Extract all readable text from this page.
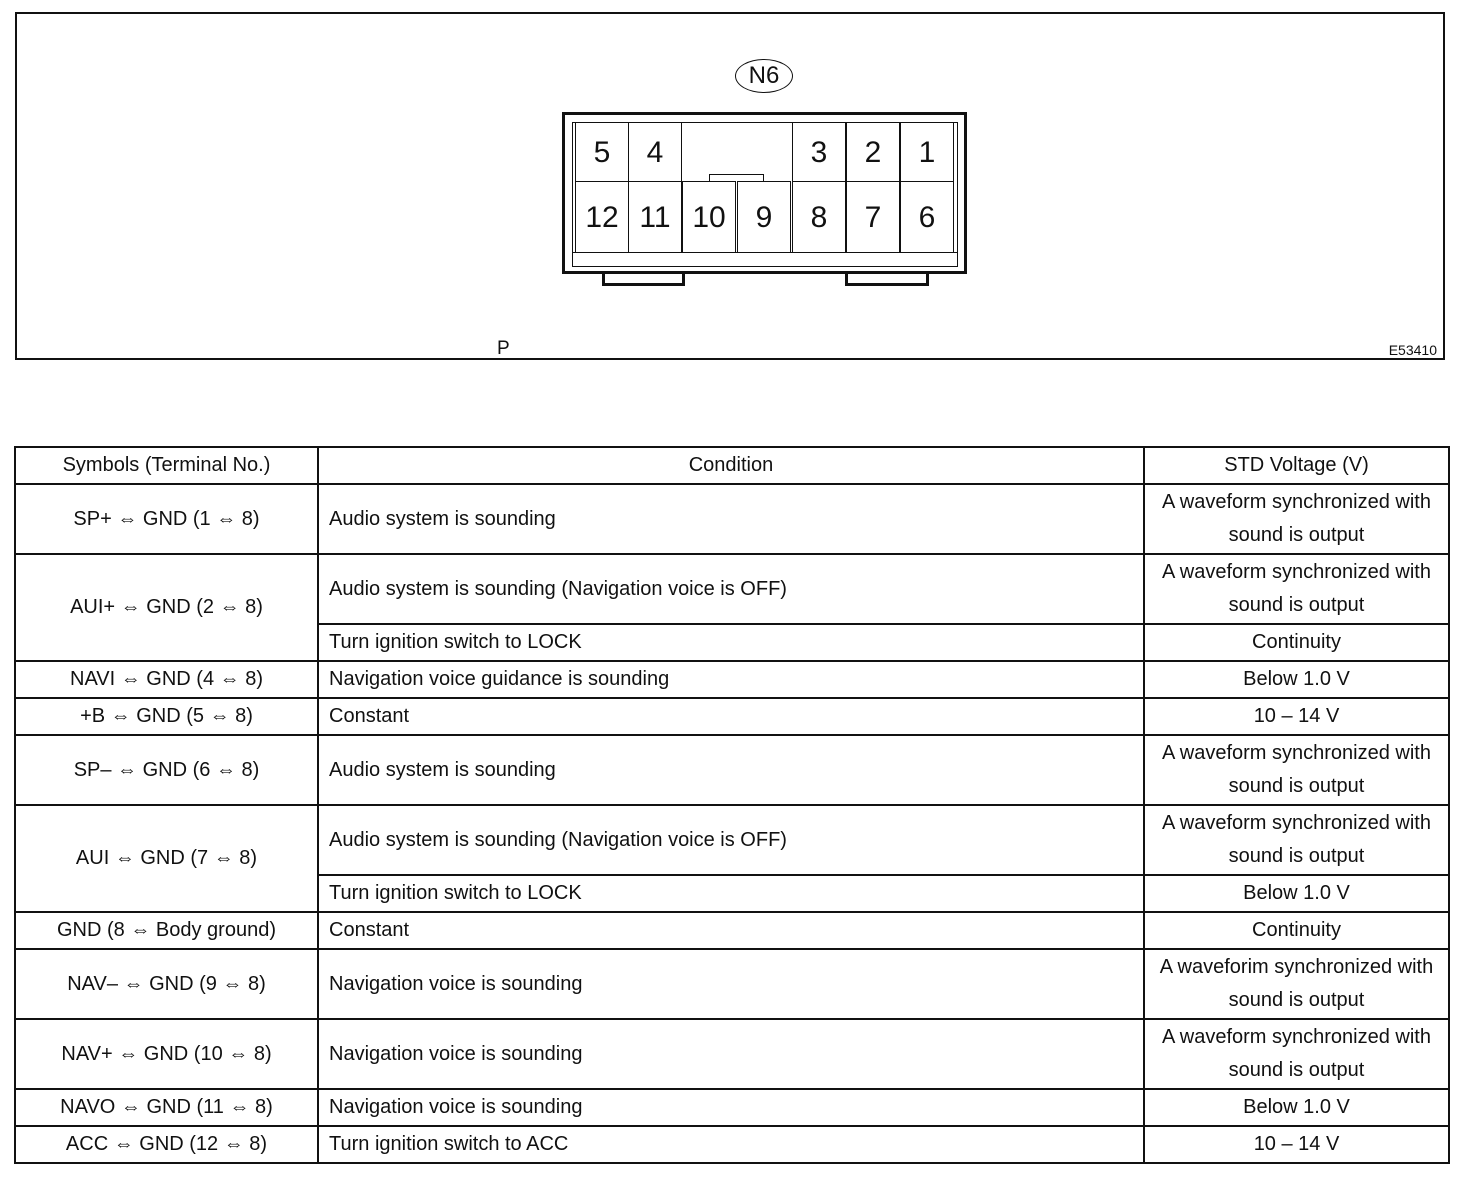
N6
5	4	3	2	1
12 11 10 9	8	7	6
P	E53410
Symbols (Terminal No.)	Condition	STD Voltage (V)
SP+ ⇔ GND (1 ⇔ 8)	Audio system is sounding	A waveform synchronized with sound is output
AUI+ ⇔ GND (2 ⇔ 8)	Audio system is sounding (Navigation voice is OFF)	A waveform synchronized with sound is output
	Turn ignition switch to LOCK	Continuity
NAVI ⇔ GND (4 ⇔ 8)	Navigation voice guidance is sounding	Below 1.0 V
+B ⇔ GND (5 ⇔ 8)	Constant	10 – 14 V
SP– ⇔ GND (6 ⇔ 8)	Audio system is sounding	A waveform synchronized with sound is output
AUI ⇔ GND (7 ⇔ 8)	Audio system is sounding (Navigation voice is OFF)	A waveform synchronized with sound is output
	Turn ignition switch to LOCK	Below 1.0 V
GND (8 ⇔ Body ground)	Constant	Continuity
NAV– ⇔ GND (9 ⇔ 8)	Navigation voice is sounding	A waveforim synchronized with sound is output
NAV+ ⇔ GND (10 ⇔ 8)	Navigation voice is sounding	A waveform synchronized with sound is output
NAVO ⇔ GND (11 ⇔ 8)	Navigation voice is sounding	Below 1.0 V
ACC ⇔ GND (12 ⇔ 8)	Turn ignition switch to ACC	10 – 14 V
